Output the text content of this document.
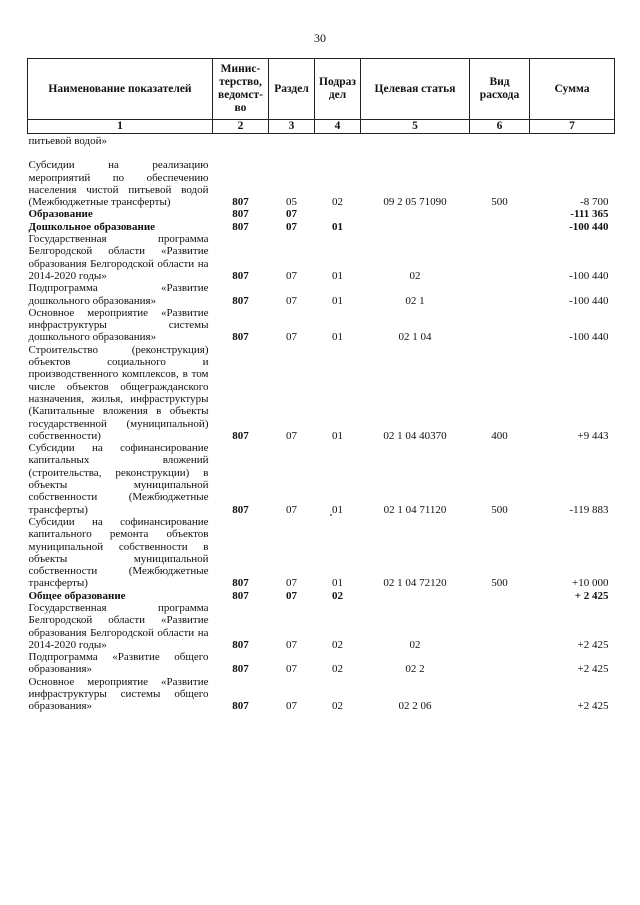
30
Наименование показателей	Минис-терство, ведомст-во	Раздел	Подраз дел	Целевая статья	Вид расхода	Сумма
1	2	3	4	5	6	7
питьевой водой»						

Субсидии на реализацию мероприятий по обеспечению населения чистой питьевой водой (Межбюджетные трансферты)	807	05	02	09 2 05 71090	500	-8 700
Образование	807	07				-111 365
Дошкольное образование	807	07	01			-100 440
Государственная программа Белгородской области «Развитие образования Белгородской области на 2014-2020 годы»	807	07	01	02		-100 440
Подпрограмма «Развитие дошкольного образования»	807	07	01	02 1		-100 440
Основное мероприятие «Развитие инфраструктуры системы дошкольного образования»	807	07	01	02 1 04		-100 440
Строительство (реконструкция) объектов социального и производственного комплексов, в том числе объектов общегражданского назначения, жилья, инфраструктуры (Капитальные вложения в объекты государственной (муниципальной) собственности)	807	07	01	02 1 04 40370	400	+9 443
Субсидии на софинансирование капитальных вложений (строительства, реконструкции) в объекты муниципальной собственности (Межбюджетные трансферты)	807	07	01	02 1 04 71120	500	-119 883
Субсидии на софинансирование капитального ремонта объектов муниципальной собственности в объекты муниципальной собственности (Межбюджетные трансферты)	807	07	01	02 1 04 72120	500	+10 000
Общее образование	807	07	02			+ 2 425
Государственная программа Белгородской области «Развитие образования Белгородской области на 2014-2020 годы»	807	07	02	02		+2 425
Подпрограмма «Развитие общего образования»	807	07	02	02 2		+2 425
Основное мероприятие «Развитие инфраструктуры системы общего образования»	807	07	02	02 2 06		+2 425
